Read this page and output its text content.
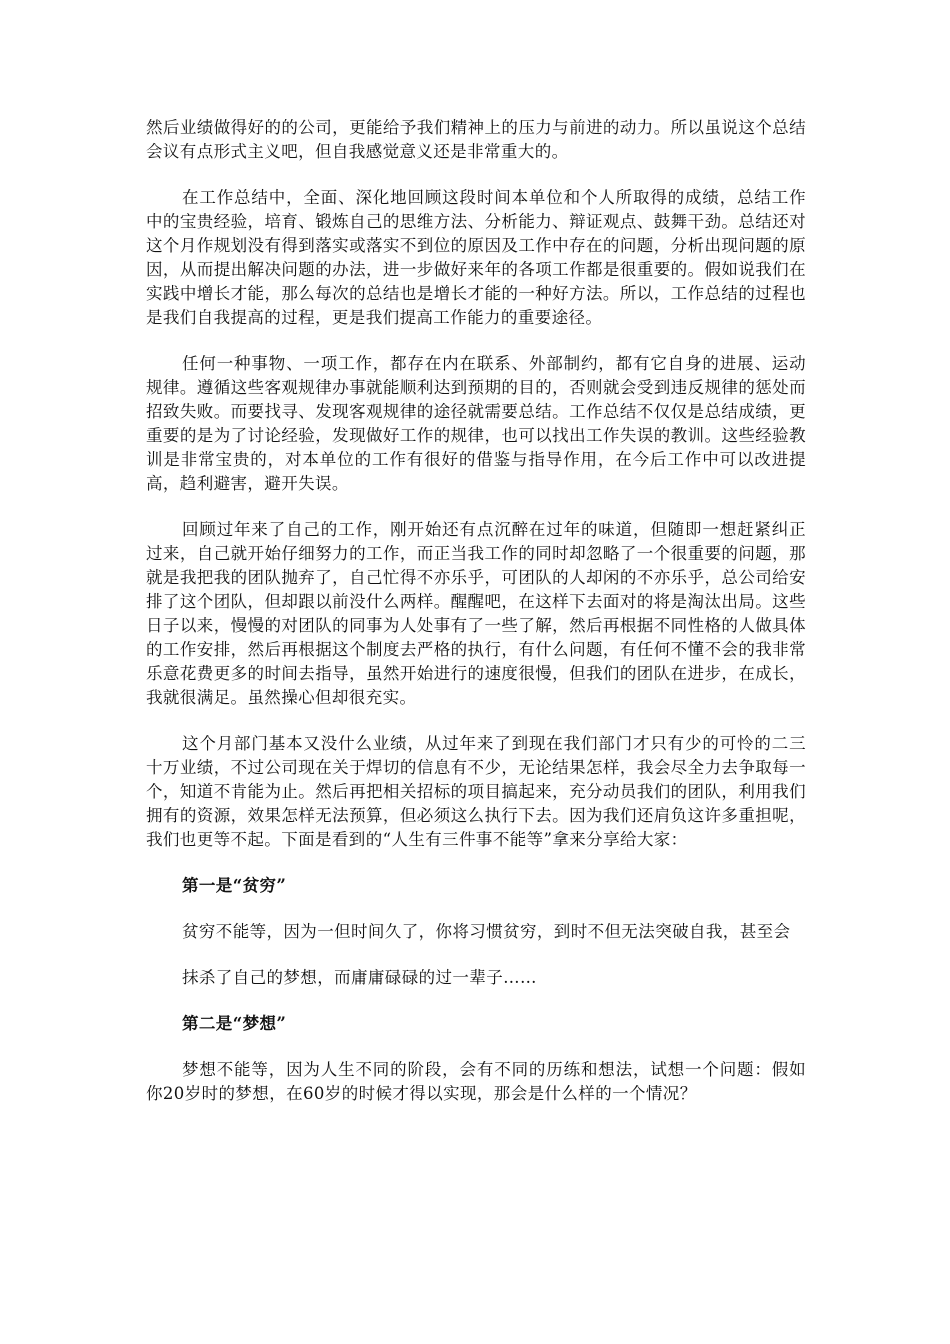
然后业绩做得好的的公司，更能给予我们精神上的压力与前进的动力。所以虽说这个总结会议有点形式主义吧，但自我感觉意义还是非常重大的。

在工作总结中，全面、深化地回顾这段时间本单位和个人所取得的成绩，总结工作中的宝贵经验，培育、锻炼自己的思维方法、分析能力、辩证观点、鼓舞干劲。总结还对这个月作规划没有得到落实或落实不到位的原因及工作中存在的问题，分析出现问题的原因，从而提出解决问题的办法，进一步做好来年的各项工作都是很重要的。假如说我们在实践中增长才能，那么每次的总结也是增长才能的一种好方法。所以，工作总结的过程也是我们自我提高的过程，更是我们提高工作能力的重要途径。

任何一种事物、一项工作，都存在内在联系、外部制约，都有它自身的进展、运动规律。遵循这些客观规律办事就能顺利达到预期的目的，否则就会受到违反规律的惩处而招致失败。而要找寻、发现客观规律的途径就需要总结。工作总结不仅仅是总结成绩，更重要的是为了讨论经验，发现做好工作的规律，也可以找出工作失误的教训。这些经验教训是非常宝贵的，对本单位的工作有很好的借鉴与指导作用，在今后工作中可以改进提高，趋利避害，避开失误。

回顾过年来了自己的工作，刚开始还有点沉醉在过年的味道，但随即一想赶紧纠正过来，自己就开始仔细努力的工作，而正当我工作的同时却忽略了一个很重要的问题，那就是我把我的团队抛弃了，自己忙得不亦乐乎，可团队的人却闲的不亦乐乎，总公司给安排了这个团队，但却跟以前没什么两样。醒醒吧，在这样下去面对的将是淘汰出局。这些日子以来，慢慢的对团队的同事为人处事有了一些了解，然后再根据不同性格的人做具体的工作安排，然后再根据这个制度去严格的执行，有什么问题，有任何不懂不会的我非常乐意花费更多的时间去指导，虽然开始进行的速度很慢，但我们的团队在进步，在成长，我就很满足。虽然操心但却很充实。

这个月部门基本又没什么业绩，从过年来了到现在我们部门才只有少的可怜的二三十万业绩，不过公司现在关于焊切的信息有不少，无论结果怎样，我会尽全力去争取每一个，知道不肯能为止。然后再把相关招标的项目搞起来，充分动员我们的团队，利用我们拥有的资源，效果怎样无法预算，但必须这么执行下去。因为我们还肩负这许多重担呢，我们也更等不起。下面是看到的“人生有三件事不能等”拿来分享给大家：

第一是“贫穷”

贫穷不能等，因为一但时间久了，你将习惯贫穷，到时不但无法突破自我，甚至会

抹杀了自己的梦想，而庸庸碌碌的过一辈子……

第二是“梦想”

梦想不能等，因为人生不同的阶段，会有不同的历练和想法，试想一个问题：假如你20岁时的梦想，在60岁的时候才得以实现，那会是什么样的一个情况？
